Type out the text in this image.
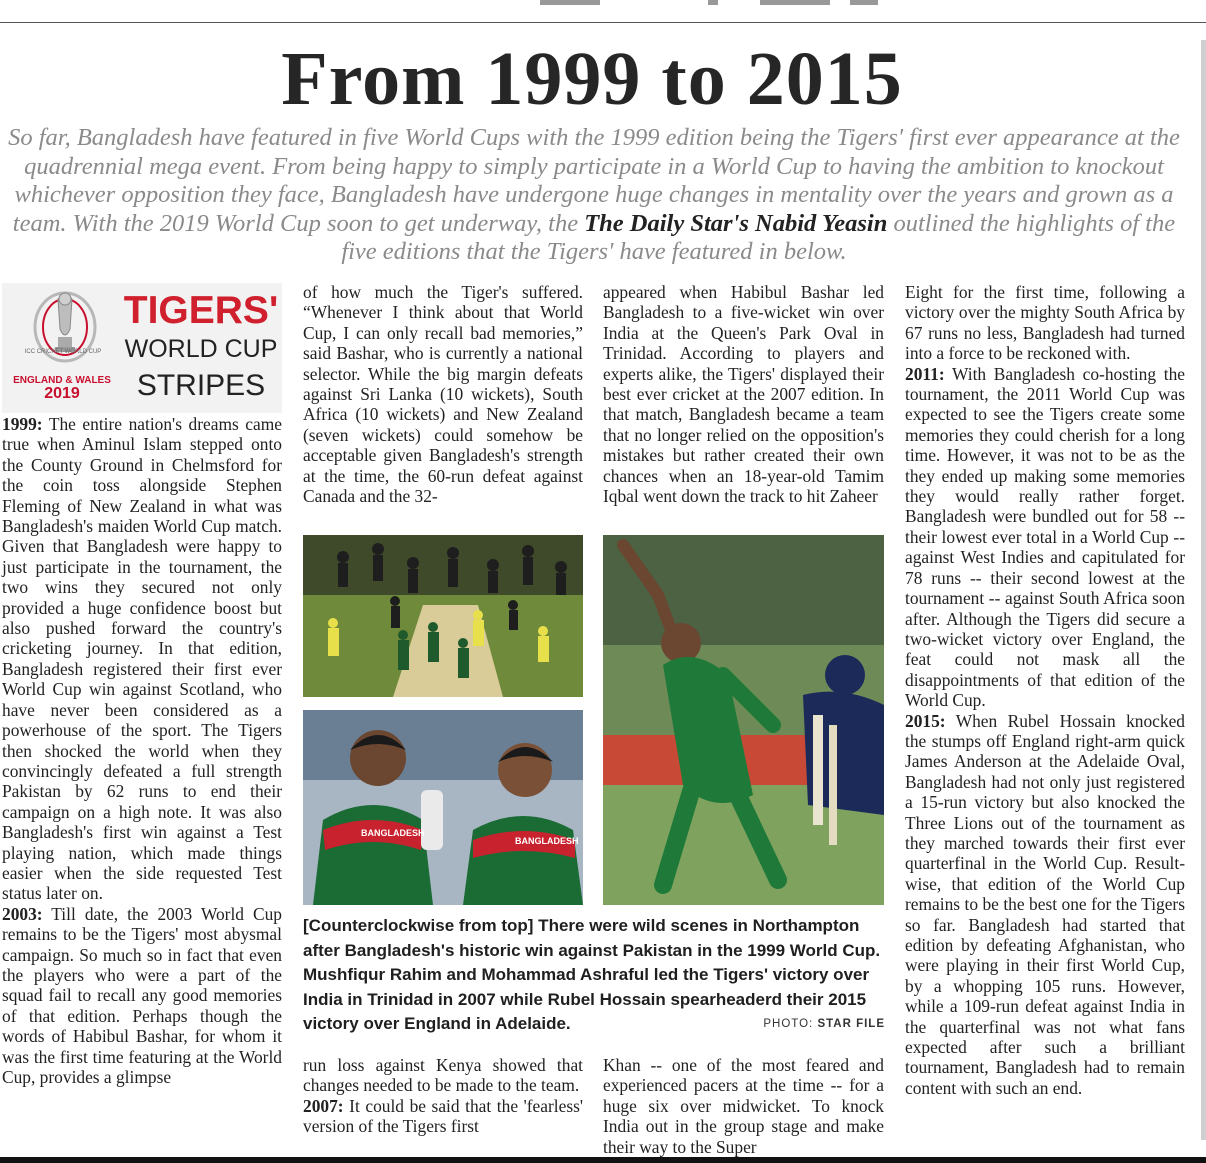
From 1999 to 2015

So far, Bangladesh have featured in five World Cups with the 1999 edition being the Tigers' first ever appearance at the quadrennial mega event. From being happy to simply participate in a World Cup to having the ambition to knockout whichever opposition they face, Bangladesh have undergone huge changes in mentality over the years and grown as a team. With the 2019 World Cup soon to get underway, the The Daily Star's Nabid Yeasin outlined the highlights of the five editions that the Tigers' have featured in below.

ICC CRICKET WORLD CUP
ENGLAND & WALES
2019
TIGERS'
WORLD CUP
STRIPES

1999: The entire nation's dreams came true when Aminul Islam stepped onto the County Ground in Chelmsford for the coin toss alongside Stephen Fleming of New Zealand in what was Bangladesh's maiden World Cup match. Given that Bangladesh were happy to just participate in the tournament, the two wins they secured not only provided a huge confidence boost but also pushed forward the country's cricketing journey. In that edition, Bangladesh registered their first ever World Cup win against Scotland, who have never been considered as a powerhouse of the sport. The Tigers then shocked the world when they convincingly defeated a full strength Pakistan by 62 runs to end their campaign on a high note. It was also Bangladesh's first win against a Test playing nation, which made things easier when the side requested Test status later on.

2003: Till date, the 2003 World Cup remains to be the Tigers' most abysmal campaign. So much so in fact that even the players who were a part of the squad fail to recall any good memories of that edition. Perhaps though the words of Habibul Bashar, for whom it was the first time featuring at the World Cup, provides a glimpse

of how much the Tiger's suffered. “Whenever I think about that World Cup, I can only recall bad memories,” said Bashar, who is currently a national selector. While the big margin defeats against Sri Lanka (10 wickets), South Africa (10 wickets) and New Zealand (seven wickets) could somehow be acceptable given Bangladesh's strength at the time, the 60-run defeat against Canada and the 32-

appeared when Habibul Bashar led Bangladesh to a five-wicket win over India at the Queen's Park Oval in Trinidad. According to players and experts alike, the Tigers' displayed their best ever cricket at the 2007 edition. In that match, Bangladesh became a team that no longer relied on the opposition's mistakes but rather created their own chances when an 18-year-old Tamim Iqbal went down the track to hit Zaheer

BANGLADESH
BANGLADESH

[Counterclockwise from top] There were wild scenes in Northampton after Bangladesh's historic win against Pakistan in the 1999 World Cup. Mushfiqur Rahim and Mohammad Ashraful led the Tigers' victory over India in Trinidad in 2007 while Rubel Hossain spearheaderd their 2015 victory over England in Adelaide.	PHOTO: STAR FILE

run loss against Kenya showed that changes needed to be made to the team.

2007: It could be said that the 'fearless' version of the Tigers first

Khan -- one of the most feared and experienced pacers at the time -- for a huge six over midwicket. To knock India out in the group stage and make their way to the Super

Eight for the first time, following a victory over the mighty South Africa by 67 runs no less, Bangladesh had turned into a force to be reckoned with.

2011: With Bangladesh co-hosting the tournament, the 2011 World Cup was expected to see the Tigers create some memories they could cherish for a long time. However, it was not to be as the they ended up making some memories they would really rather forget. Bangladesh were bundled out for 58 -- their lowest ever total in a World Cup -- against West Indies and capitulated for 78 runs -- their second lowest at the tournament -- against South Africa soon after. Although the Tigers did secure a two-wicket victory over England, the feat could not mask all the disappointments of that edition of the World Cup.

2015: When Rubel Hossain knocked the stumps off England right-arm quick James Anderson at the Adelaide Oval, Bangladesh had not only just registered a 15-run victory but also knocked the Three Lions out of the tournament as they marched towards their first ever quarterfinal in the World Cup. Result-wise, that edition of the World Cup remains to be the best one for the Tigers so far. Bangladesh had started that edition by defeating Afghanistan, who were playing in their first World Cup, by a whopping 105 runs. However, while a 109-run defeat against India in the quarterfinal was not what fans expected after such a brilliant tournament, Bangladesh had to remain content with such an end.
